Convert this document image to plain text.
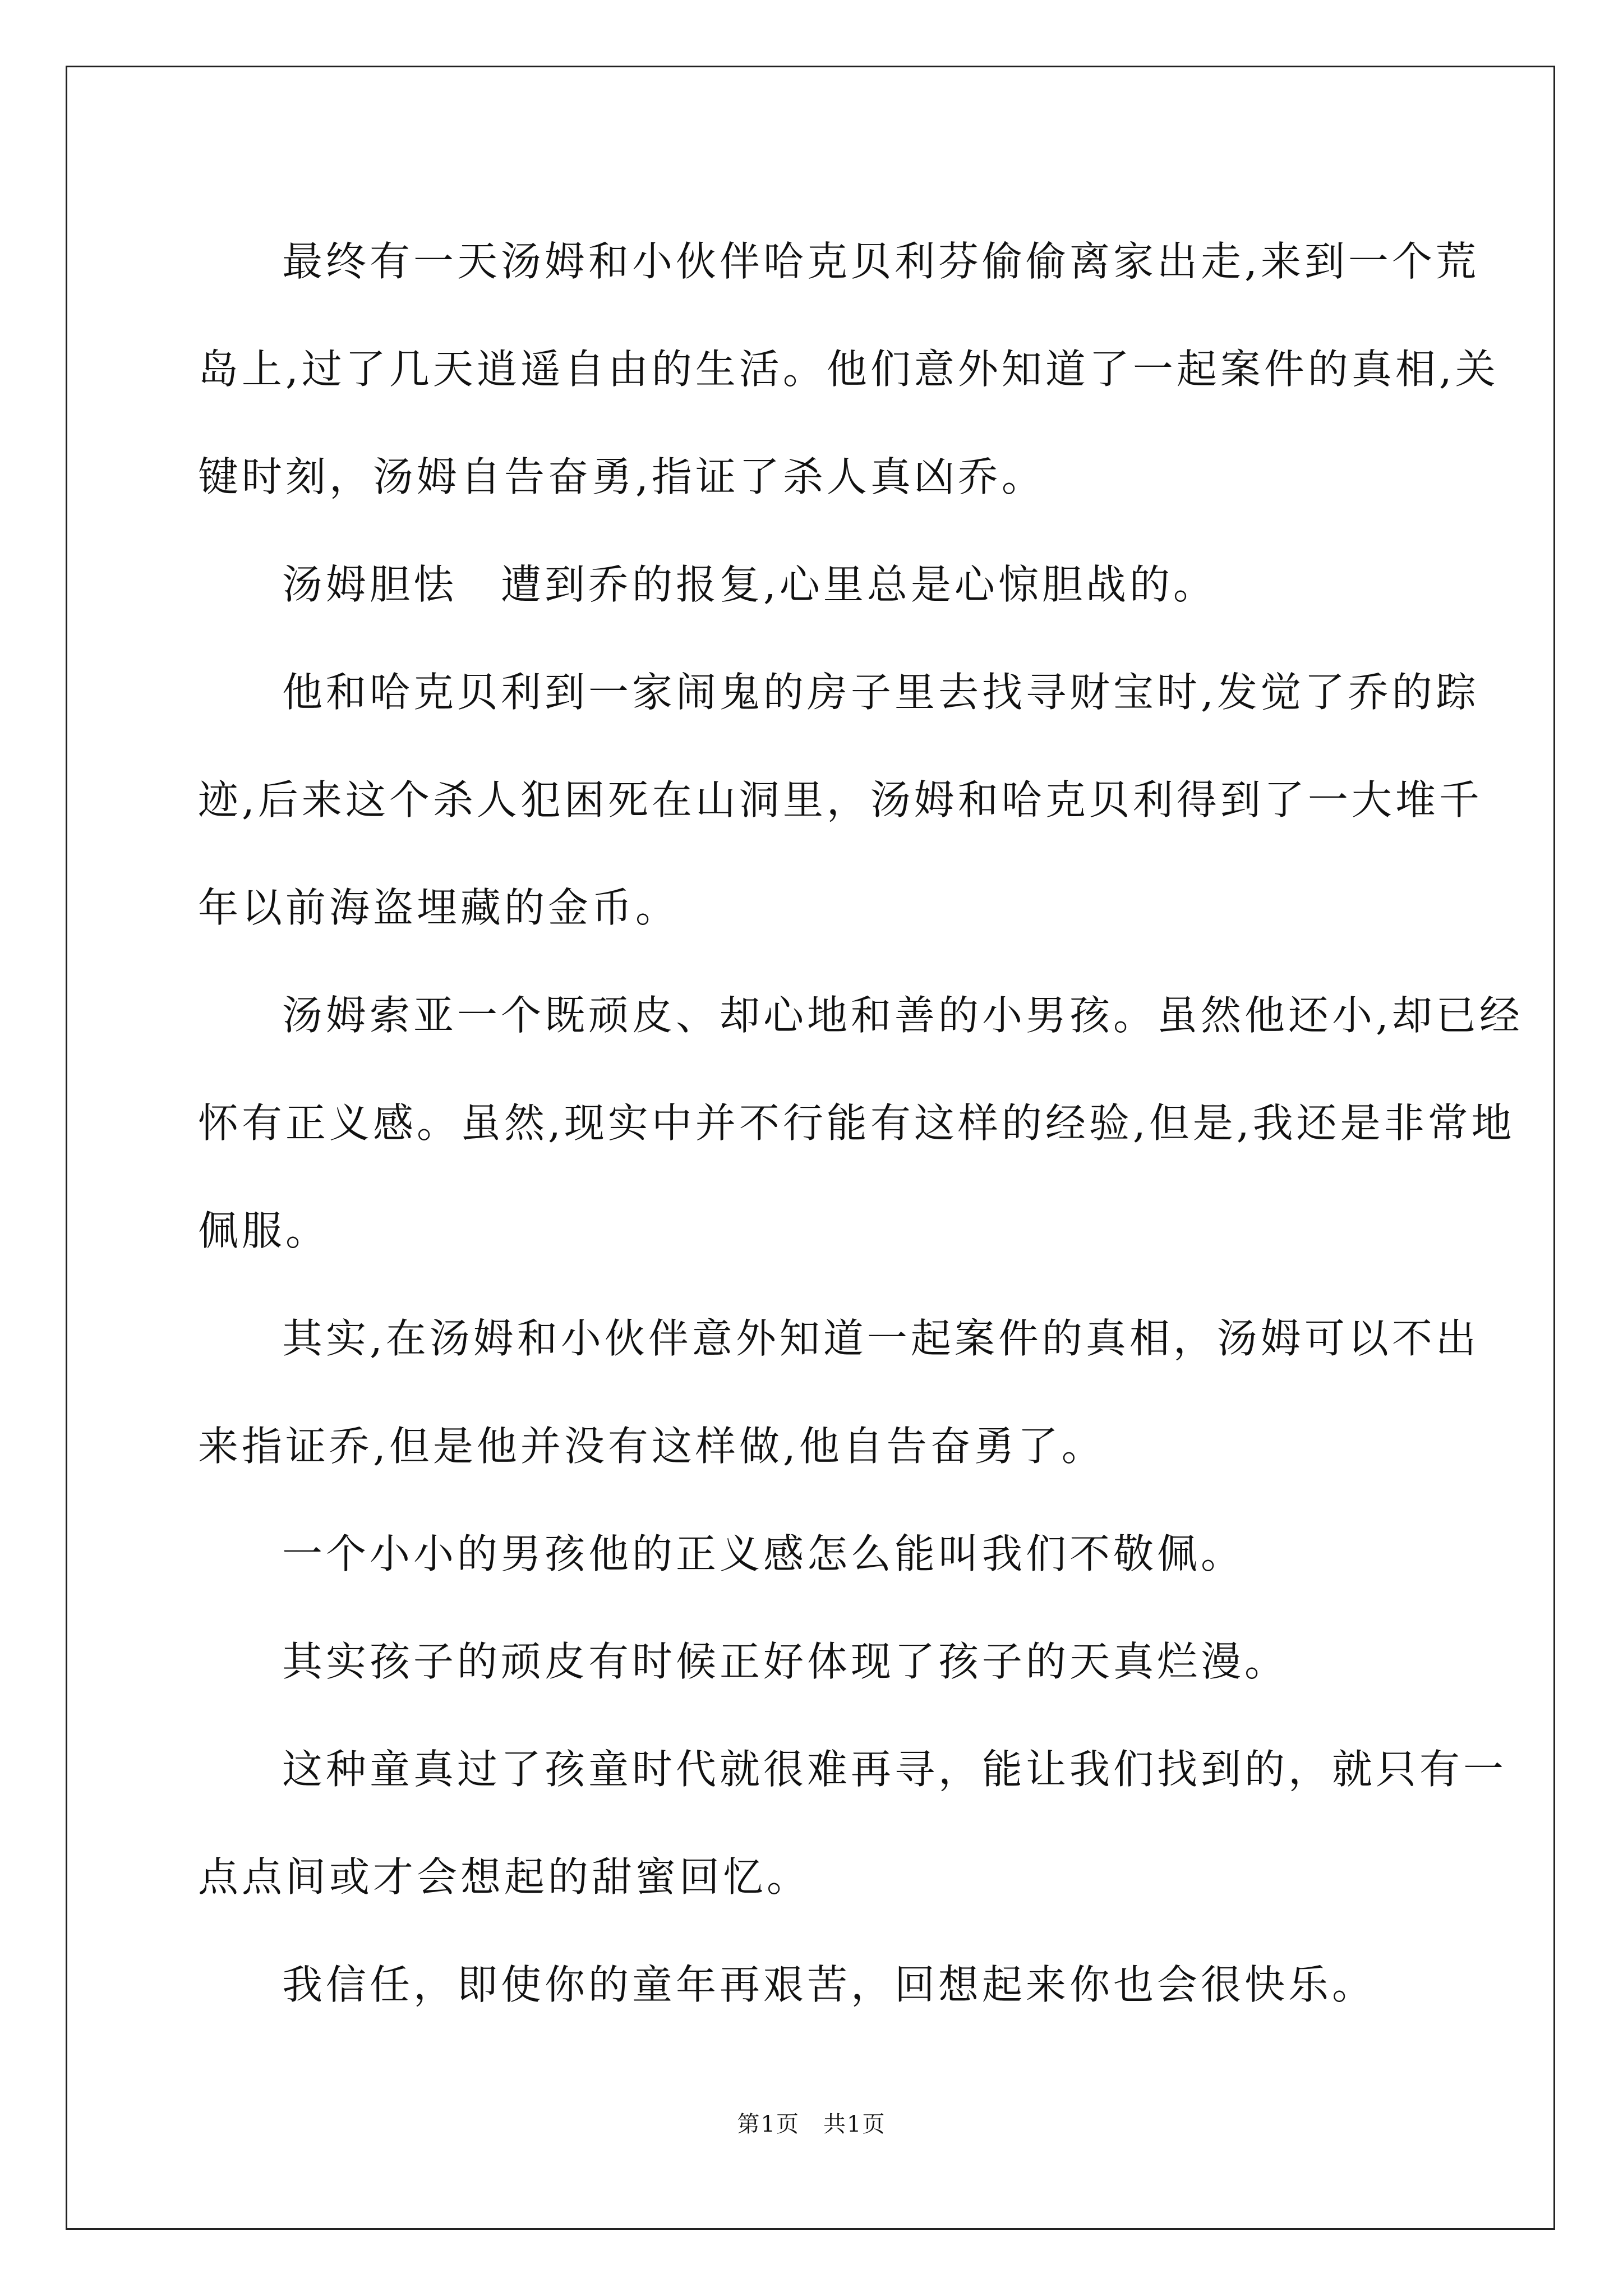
最终有一天汤姆和小伙伴哈克贝利芬偷偷离家出走,来到一个荒
岛上,过了几天逍遥自由的生活。他们意外知道了一起案件的真相,关
键时刻，汤姆自告奋勇,指证了杀人真凶乔。

汤姆胆怯　遭到乔的报复,心里总是心惊胆战的。

他和哈克贝利到一家闹鬼的房子里去找寻财宝时,发觉了乔的踪
迹,后来这个杀人犯困死在山洞里，汤姆和哈克贝利得到了一大堆千
年以前海盗埋藏的金币。

汤姆索亚一个既顽皮、却心地和善的小男孩。虽然他还小,却已经
怀有正义感。虽然,现实中并不行能有这样的经验,但是,我还是非常地
佩服。

其实,在汤姆和小伙伴意外知道一起案件的真相，汤姆可以不出
来指证乔,但是他并没有这样做,他自告奋勇了。

一个小小的男孩他的正义感怎么能叫我们不敬佩。

其实孩子的顽皮有时候正好体现了孩子的天真烂漫。

这种童真过了孩童时代就很难再寻，能让我们找到的，就只有一
点点间或才会想起的甜蜜回忆。

我信任，即使你的童年再艰苦，回想起来你也会很快乐。

第1页　共1页
